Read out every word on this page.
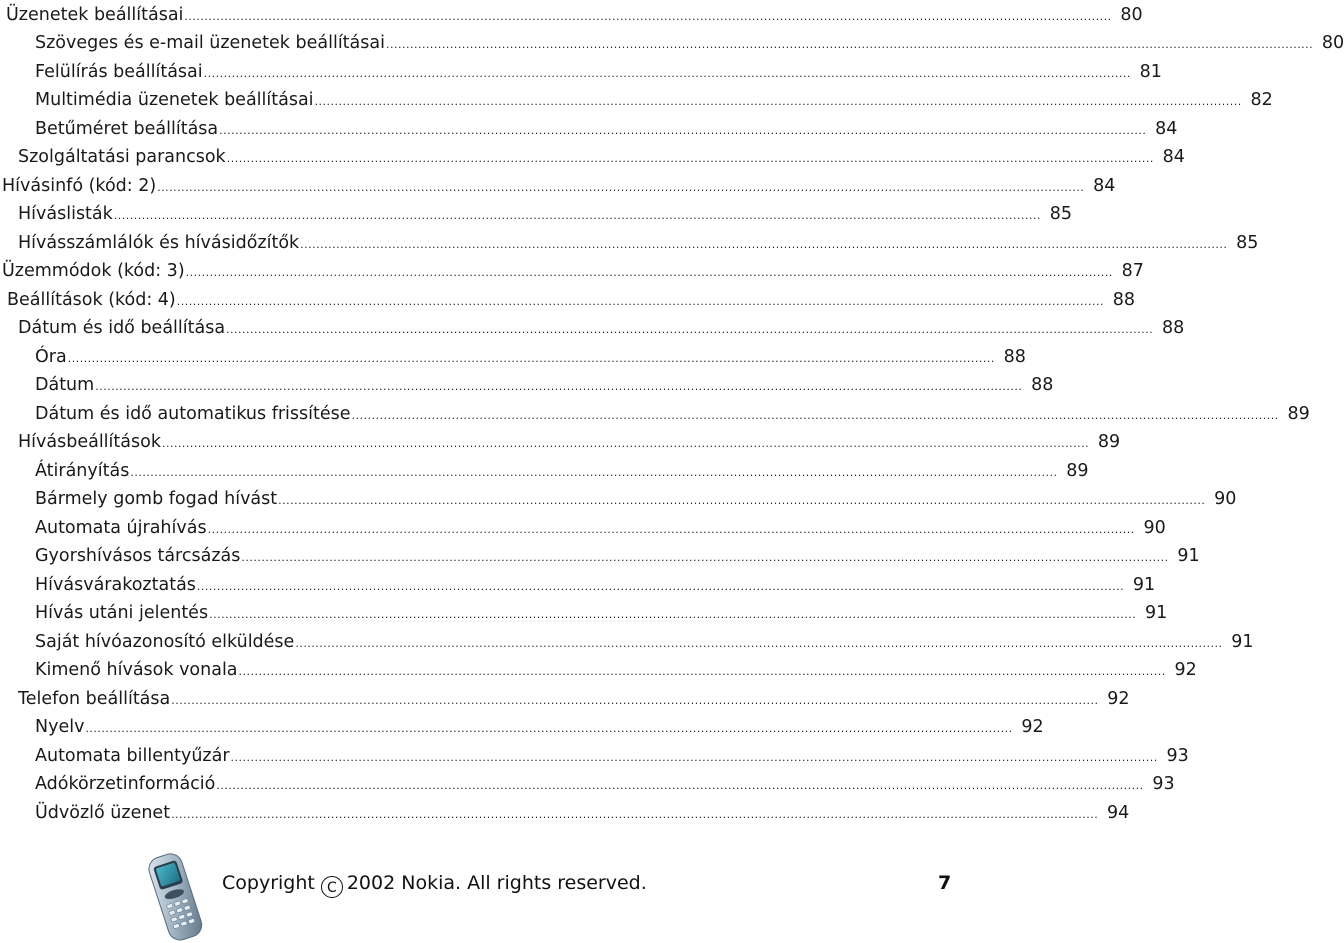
Üzenetek beállításai ........................................................................................................................................................................................................................................ 80
Szöveges és e-mail üzenetek beállításai ........................................................................................................................................................................................................................................ 80
Felülírás beállításai ........................................................................................................................................................................................................................................ 81
Multimédia üzenetek beállításai ........................................................................................................................................................................................................................................ 82
Betűméret beállítása ........................................................................................................................................................................................................................................ 84
Szolgáltatási parancsok ........................................................................................................................................................................................................................................ 84
Hívásinfó (kód: 2) ........................................................................................................................................................................................................................................ 84
Híváslisták ........................................................................................................................................................................................................................................ 85
Hívásszámlálók és hívásidőzítők ........................................................................................................................................................................................................................................ 85
Üzemmódok (kód: 3) ........................................................................................................................................................................................................................................ 87
Beállítások (kód: 4) ........................................................................................................................................................................................................................................ 88
Dátum és idő beállítása ........................................................................................................................................................................................................................................ 88
Óra ........................................................................................................................................................................................................................................ 88
Dátum ........................................................................................................................................................................................................................................ 88
Dátum és idő automatikus frissítése ........................................................................................................................................................................................................................................ 89
Hívásbeállítások ........................................................................................................................................................................................................................................ 89
Átirányítás ........................................................................................................................................................................................................................................ 89
Bármely gomb fogad hívást ........................................................................................................................................................................................................................................ 90
Automata újrahívás ........................................................................................................................................................................................................................................ 90
Gyorshívásos tárcsázás ........................................................................................................................................................................................................................................ 91
Hívásvárakoztatás ........................................................................................................................................................................................................................................ 91
Hívás utáni jelentés ........................................................................................................................................................................................................................................ 91
Saját hívóazonosító elküldése ........................................................................................................................................................................................................................................ 91
Kimenő hívások vonala ........................................................................................................................................................................................................................................ 92
Telefon beállítása ........................................................................................................................................................................................................................................ 92
Nyelv ........................................................................................................................................................................................................................................ 92
Automata billentyűzár ........................................................................................................................................................................................................................................ 93
Adókörzetinformáció ........................................................................................................................................................................................................................................ 93
Üdvözlő üzenet ........................................................................................................................................................................................................................................ 94
Copyright C 2002 Nokia. All rights reserved.	7
